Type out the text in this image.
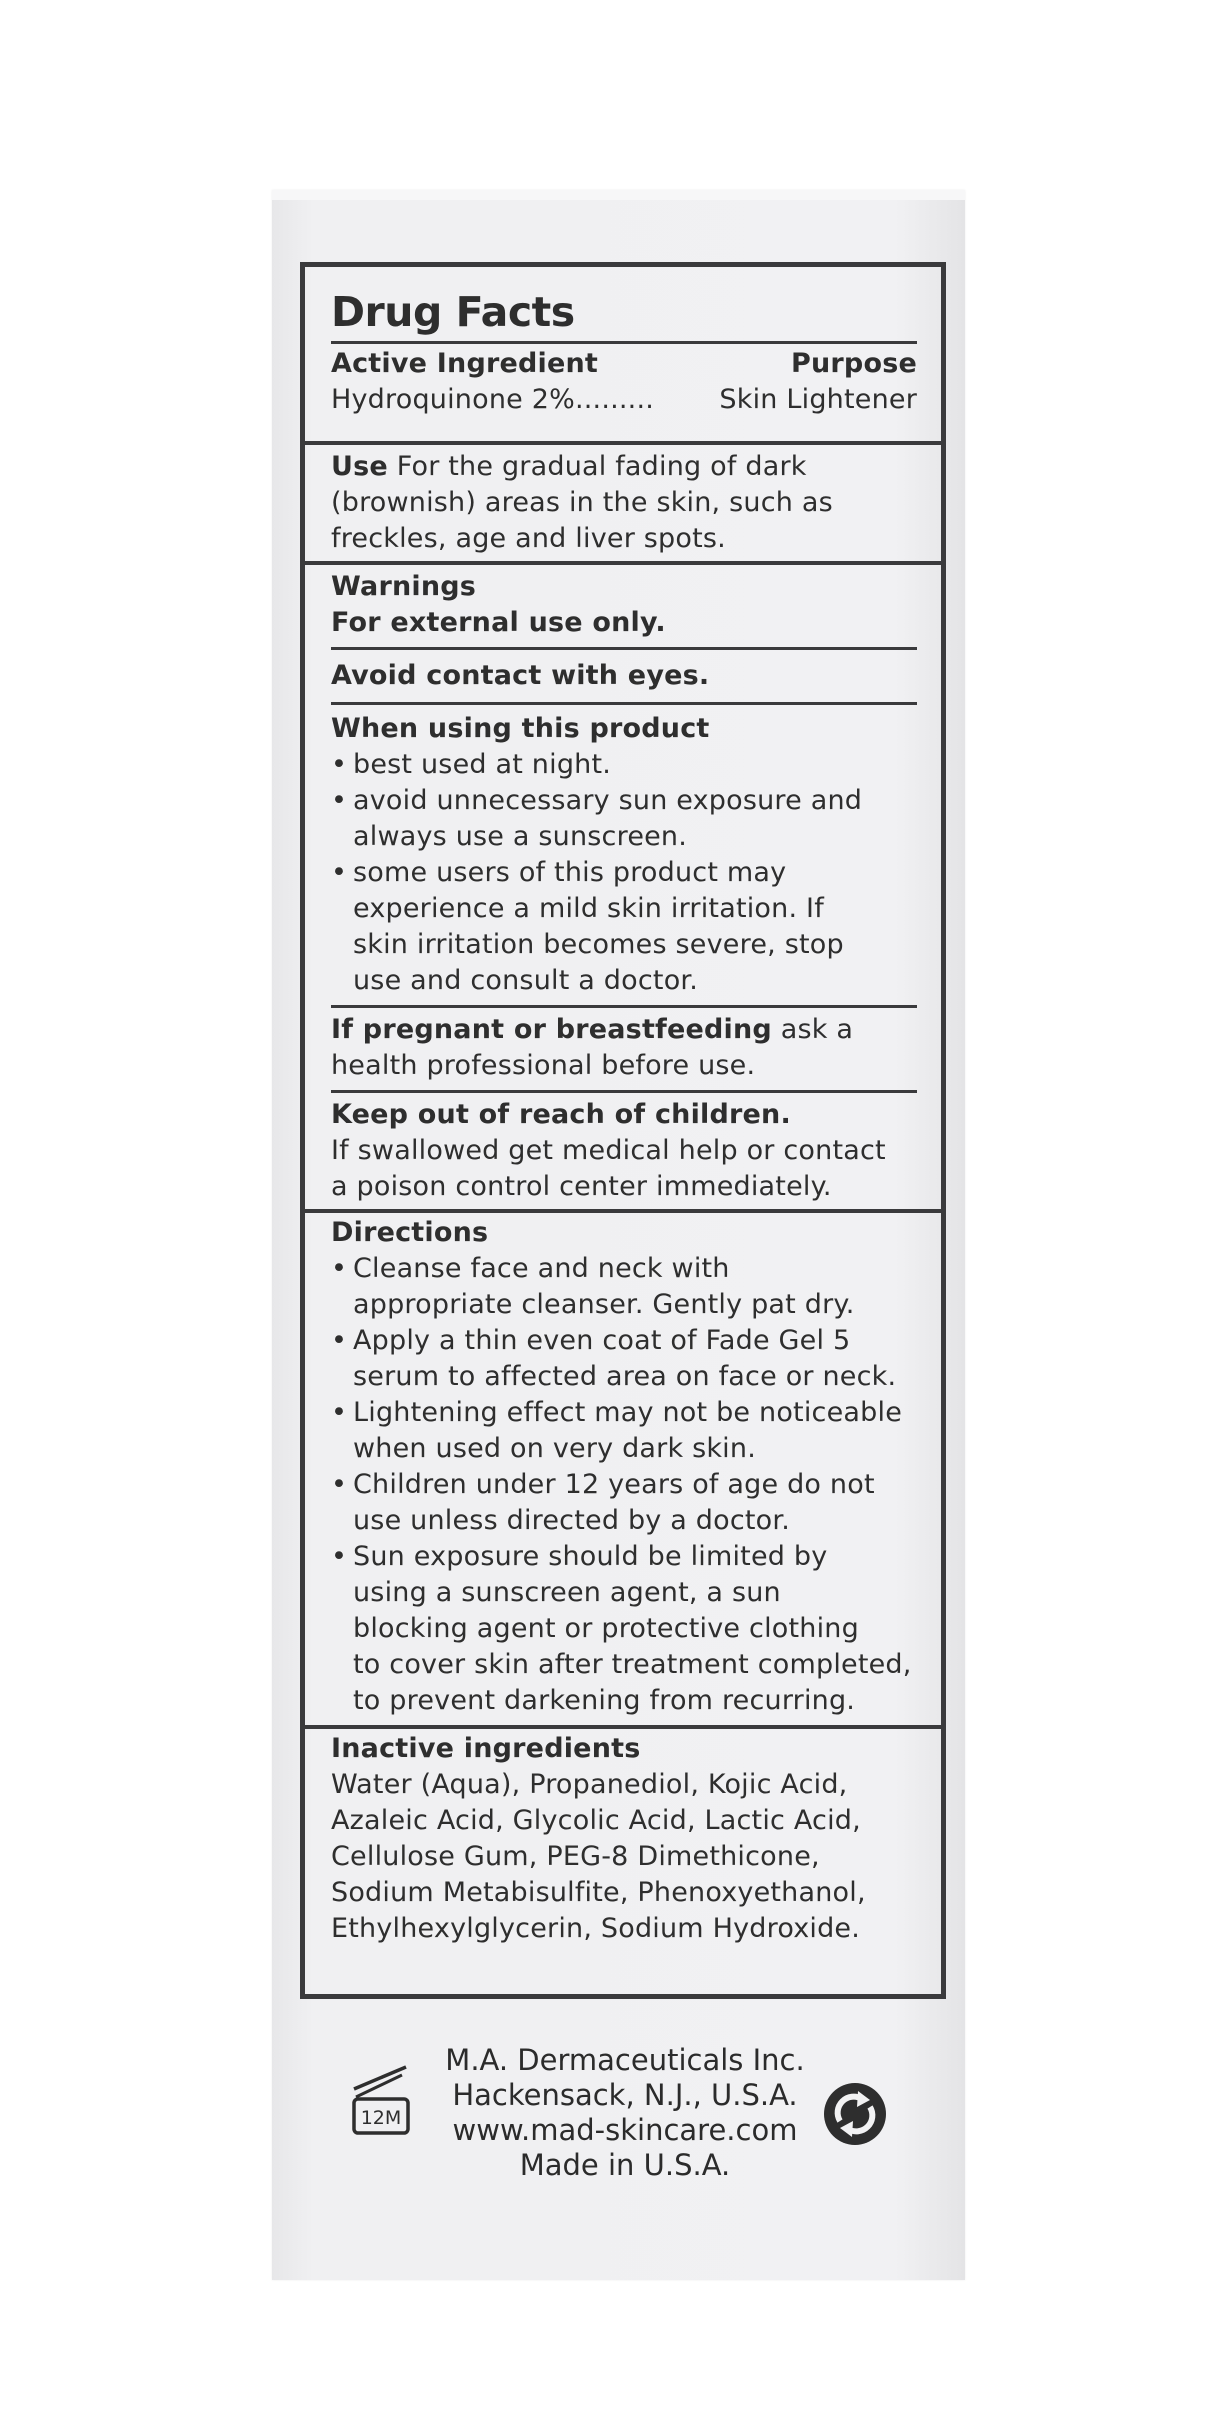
Drug Facts
Active Ingredient	Purpose
Hydroquinone 2%......... Skin Lightener
Use For the gradual fading of dark
(brownish) areas in the skin, such as
freckles, age and liver spots.
Warnings
For external use only.
Avoid contact with eyes.
When using this product
• best used at night.
• avoid unnecessary sun exposure and
always use a sunscreen.
• some users of this product may
experience a mild skin irritation. If
skin irritation becomes severe, stop
use and consult a doctor.
If pregnant or breastfeeding ask a
health professional before use.
Keep out of reach of children.
If swallowed get medical help or contact
a poison control center immediately.
Directions
• Cleanse face and neck with
appropriate cleanser. Gently pat dry.
• Apply a thin even coat of Fade Gel 5
serum to affected area on face or neck.
• Lightening effect may not be noticeable
when used on very dark skin.
• Children under 12 years of age do not
use unless directed by a doctor.
• Sun exposure should be limited by
using a sunscreen agent, a sun
blocking agent or protective clothing
to cover skin after treatment completed,
to prevent darkening from recurring.
Inactive ingredients
Water (Aqua), Propanediol, Kojic Acid,
Azaleic Acid, Glycolic Acid, Lactic Acid,
Cellulose Gum, PEG-8 Dimethicone,
Sodium Metabisulfite, Phenoxyethanol,
Ethylhexylglycerin, Sodium Hydroxide.
12M
M.A. Dermaceuticals Inc.
Hackensack, N.J., U.S.A.
www.mad-skincare.com
Made in U.S.A.
